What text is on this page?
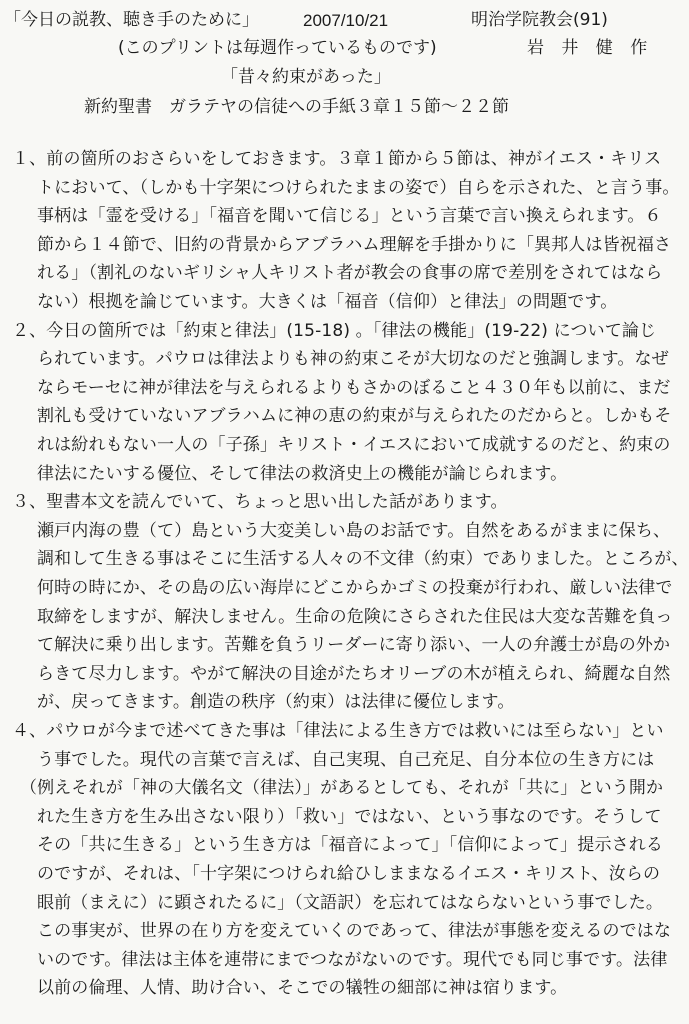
「今日の説教、聴き手のために」	2007/10/21	明治学院教会(91)
(このプリントは毎週作っているものです)	岩 井 健 作
「昔々約束があった」
新約聖書　ガラテヤの信徒への手紙３章１５節～２２節
１、前の箇所のおさらいをしておきます。３章１節から５節は、神がイエス・キリス
トにおいて、（しかも十字架につけられたままの姿で）自らを示された、と言う事。
事柄は「霊を受ける」「福音を聞いて信じる」という言葉で言い換えられます。６
節から１４節で、旧約の背景からアブラハム理解を手掛かりに「異邦人は皆祝福さ
れる」（割礼のないギリシャ人キリスト者が教会の食事の席で差別をされてはなら
ない）根拠を論じています。大きくは「福音（信仰）と律法」の問題です。
２、今日の箇所では「約束と律法」(15-18) 。「律法の機能」(19-22) について論じ
られています。パウロは律法よりも神の約束こそが大切なのだと強調します。なぜ
ならモーセに神が律法を与えられるよりもさかのぼること４３０年も以前に、まだ
割礼も受けていないアブラハムに神の恵の約束が与えられたのだからと。しかもそ
れは紛れもない一人の「子孫」キリスト・イエスにおいて成就するのだと、約束の
律法にたいする優位、そして律法の救済史上の機能が論じられます。
３、聖書本文を読んでいて、ちょっと思い出した話があります。
瀬戸内海の豊（て）島という大変美しい島のお話です。自然をあるがままに保ち、
調和して生きる事はそこに生活する人々の不文律（約束）でありました。ところが、
何時の時にか、その島の広い海岸にどこからかゴミの投棄が行われ、厳しい法律で
取締をしますが、解決しません。生命の危険にさらされた住民は大変な苦難を負っ
て解決に乗り出します。苦難を負うリーダーに寄り添い、一人の弁護士が島の外か
らきて尽力します。やがて解決の目途がたちオリーブの木が植えられ、綺麗な自然
が、戻ってきます。創造の秩序（約束）は法律に優位します。
４、パウロが今まで述べてきた事は「律法による生き方では救いには至らない」とい
う事でした。現代の言葉で言えば、自己実現、自己充足、自分本位の生き方には
（例えそれが「神の大儀名文（律法）」があるとしても、それが「共に」という開か
れた生き方を生み出さない限り）「救い」ではない、という事なのです。そうして
その「共に生きる」という生き方は「福音によって」「信仰によって」提示される
のですが、それは、「十字架につけられ給ひしままなるイエス・キリスト、汝らの
眼前（まえに）に顕されたるに」（文語訳）を忘れてはならないという事でした。
この事実が、世界の在り方を変えていくのであって、律法が事態を変えるのではな
いのです。律法は主体を連帯にまでつながないのです。現代でも同じ事です。法律
以前の倫理、人情、助け合い、そこでの犠牲の細部に神は宿ります。
